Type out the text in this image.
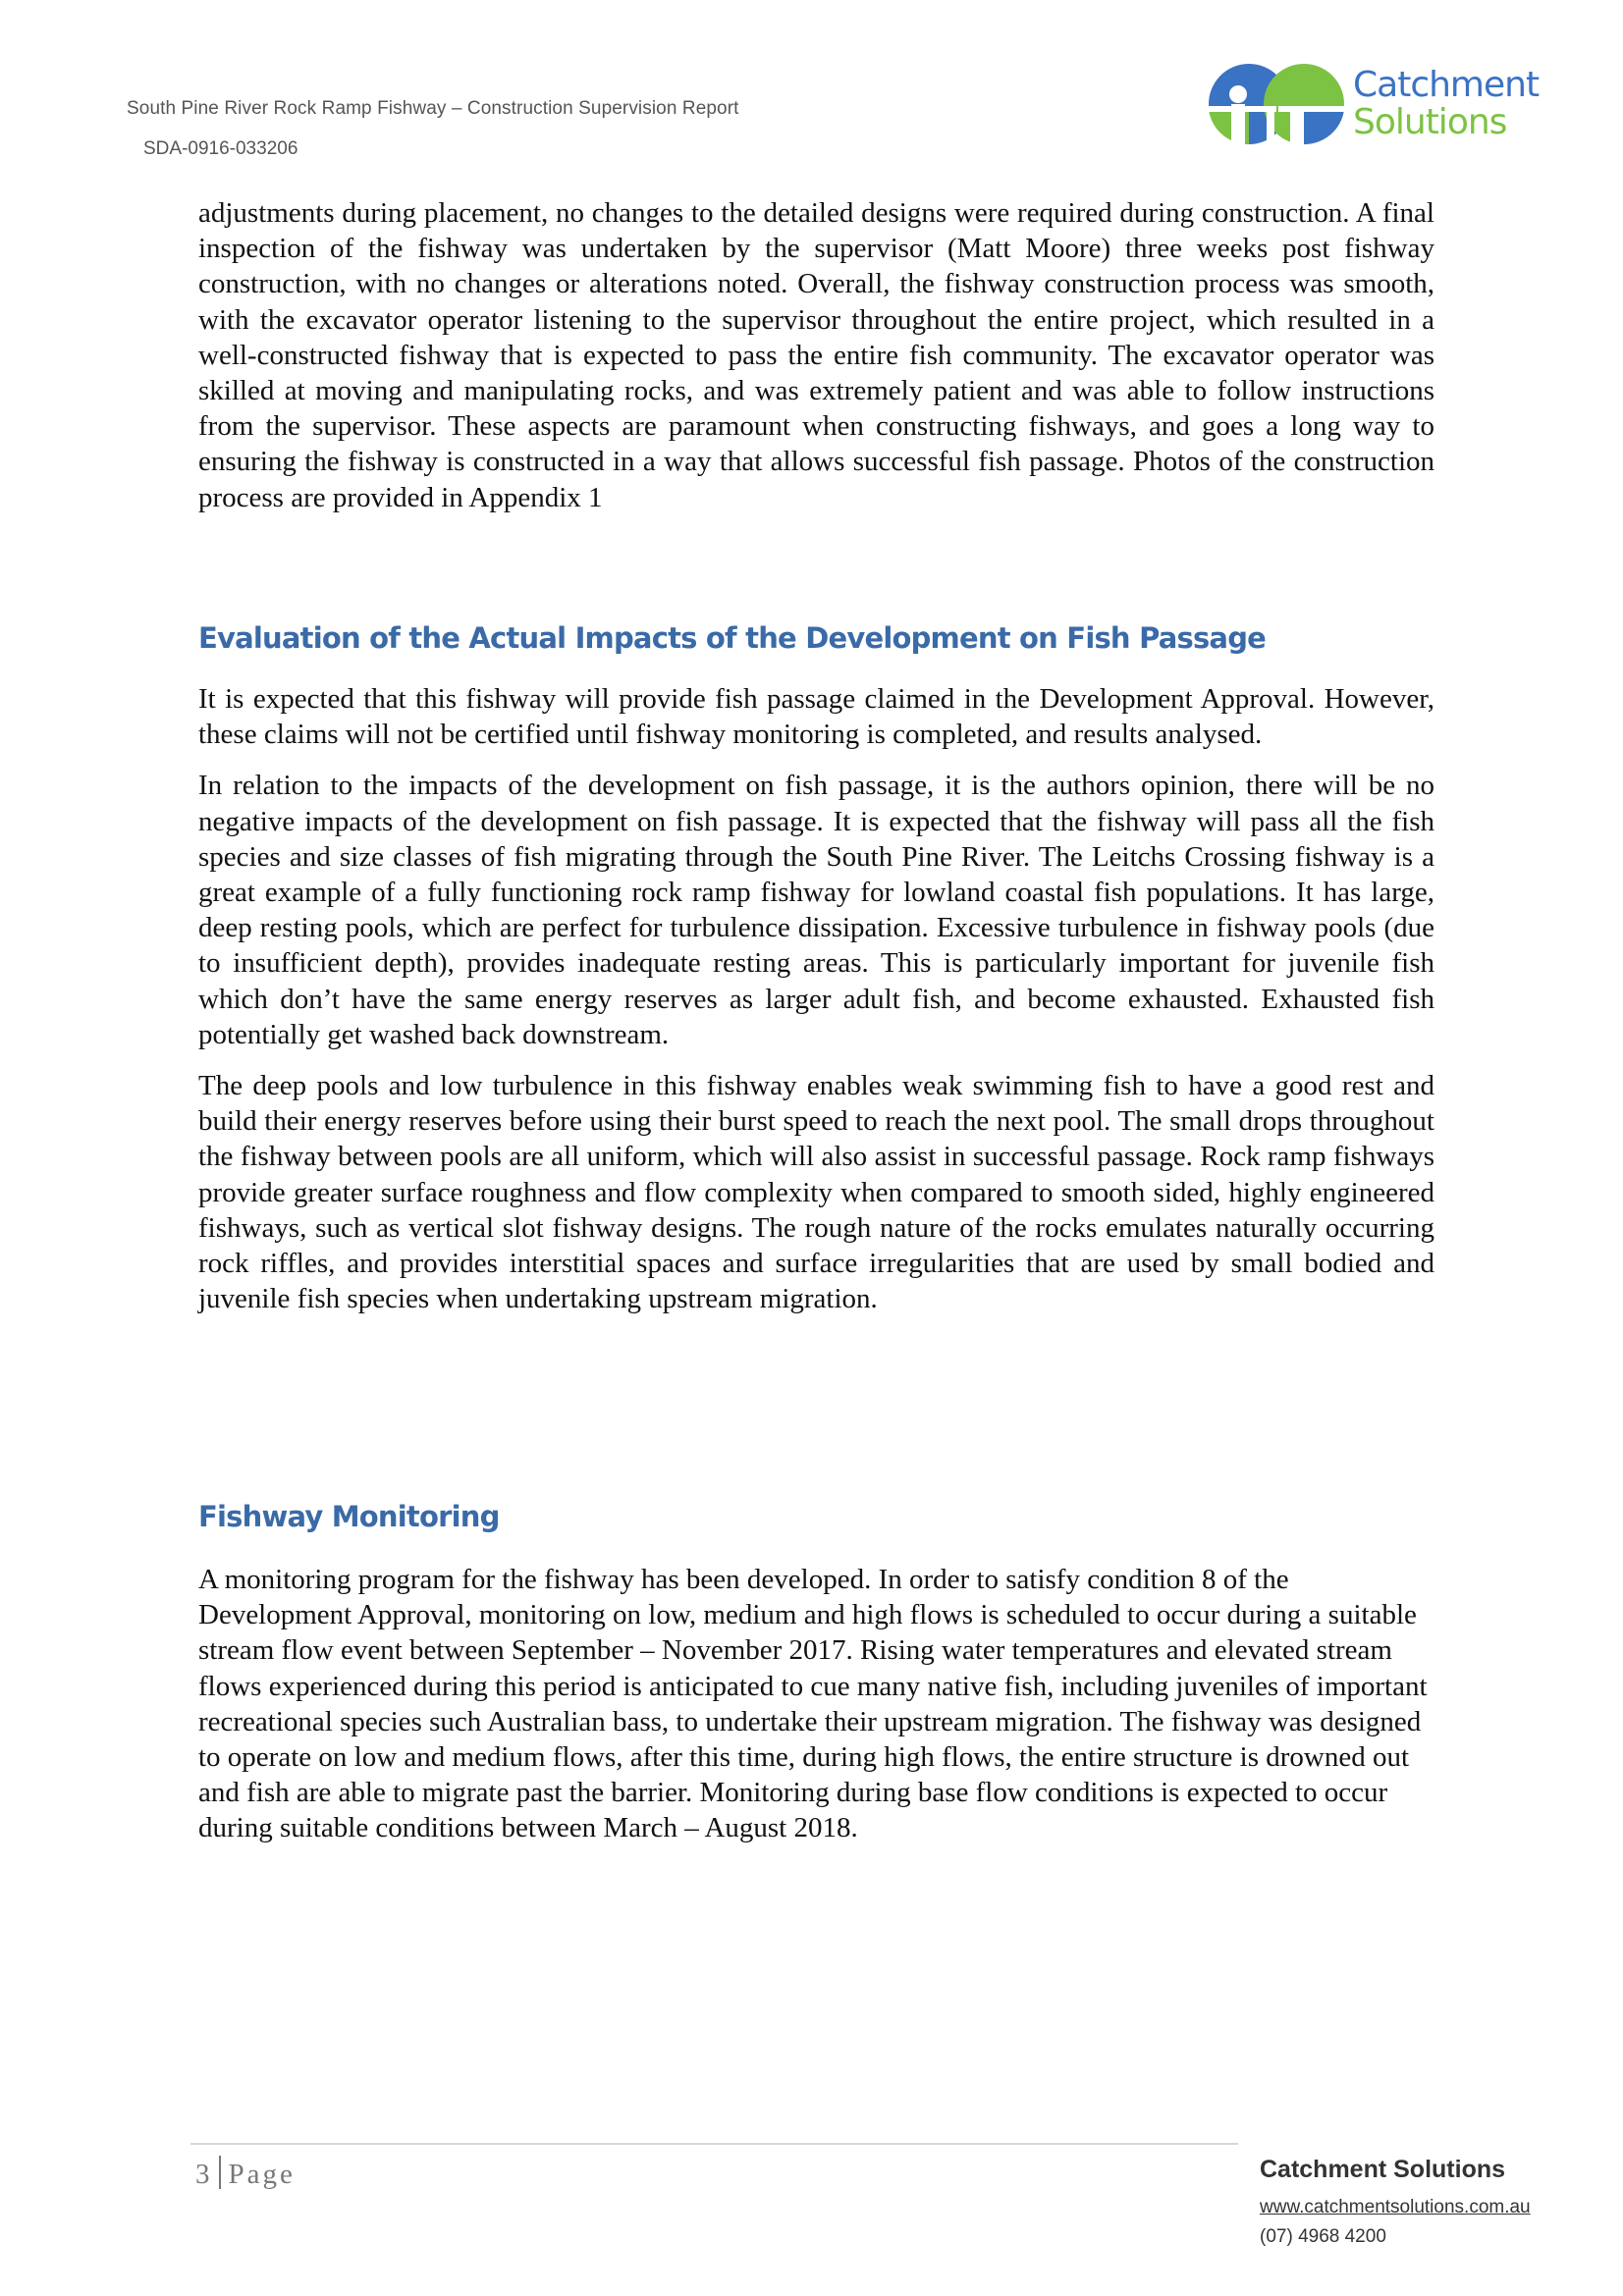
South Pine River Rock Ramp Fishway – Construction Supervision Report
SDA-0916-033206
Catchment
Solutions

adjustments during placement, no changes to the detailed designs were required during construction. A final inspection of the fishway was undertaken by the supervisor (Matt Moore) three weeks post fishway construction, with no changes or alterations noted. Overall, the fishway construction process was smooth, with the excavator operator listening to the supervisor throughout the entire project, which resulted in a well-constructed fishway that is expected to pass the entire fish community. The excavator operator was skilled at moving and manipulating rocks, and was extremely patient and was able to follow instructions from the supervisor. These aspects are paramount when constructing fishways, and goes a long way to ensuring the fishway is constructed in a way that allows successful fish passage. Photos of the construction process are provided in Appendix 1

Evaluation of the Actual Impacts of the Development on Fish Passage

It is expected that this fishway will provide fish passage claimed in the Development Approval. However, these claims will not be certified until fishway monitoring is completed, and results analysed.

In relation to the impacts of the development on fish passage, it is the authors opinion, there will be no negative impacts of the development on fish passage. It is expected that the fishway will pass all the fish species and size classes of fish migrating through the South Pine River. The Leitchs Crossing fishway is a great example of a fully functioning rock ramp fishway for lowland coastal fish populations. It has large, deep resting pools, which are perfect for turbulence dissipation. Excessive turbulence in fishway pools (due to insufficient depth), provides inadequate resting areas. This is particularly important for juvenile fish which don’t have the same energy reserves as larger adult fish, and become exhausted. Exhausted fish potentially get washed back downstream.

The deep pools and low turbulence in this fishway enables weak swimming fish to have a good rest and build their energy reserves before using their burst speed to reach the next pool. The small drops throughout the fishway between pools are all uniform, which will also assist in successful passage. Rock ramp fishways provide greater surface roughness and flow complexity when compared to smooth sided, highly engineered fishways, such as vertical slot fishway designs. The rough nature of the rocks emulates naturally occurring rock riffles, and provides interstitial spaces and surface irregularities that are used by small bodied and juvenile fish species when undertaking upstream migration.

Fishway Monitoring

A monitoring program for the fishway has been developed. In order to satisfy condition 8 of the Development Approval, monitoring on low, medium and high flows is scheduled to occur during a suitable stream flow event between September – November 2017. Rising water temperatures and elevated stream flows experienced during this period is anticipated to cue many native fish, including juveniles of important recreational species such Australian bass, to undertake their upstream migration. The fishway was designed to operate on low and medium flows, after this time, during high flows, the entire structure is drowned out and fish are able to migrate past the barrier. Monitoring during base flow conditions is expected to occur during suitable conditions between March – August 2018.

3 Page	Catchment Solutions
www.catchmentsolutions.com.au
(07) 4968 4200
